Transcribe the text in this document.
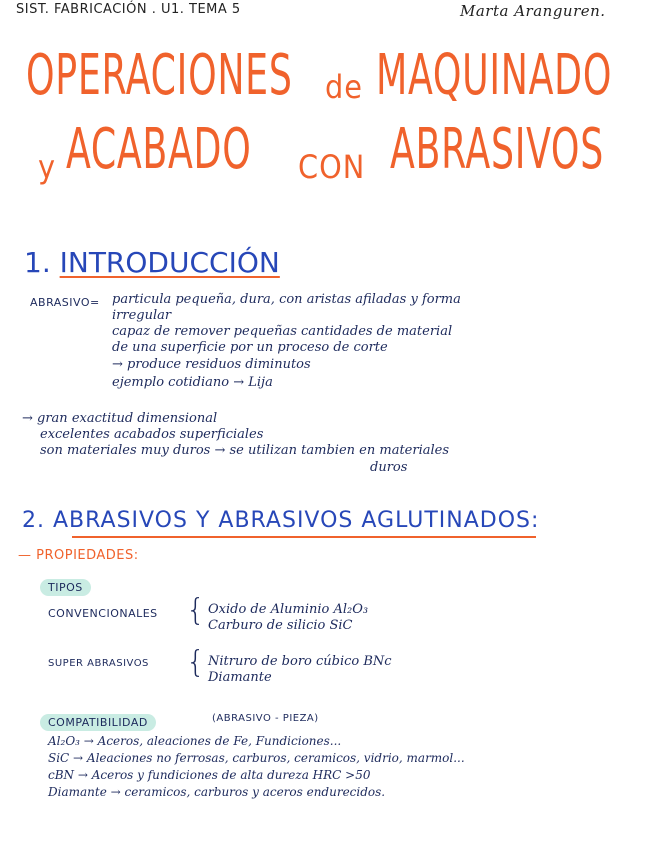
SIST. FABRICACIÓN . U1. TEMA 5	Marta Aranguren.
OPERACIONES	de MAQUINADO
y ACABADO	CON ABRASIVOS
1. INTRODUCCIÓN
ABRASIVO= particula pequeña, dura, con aristas afiladas y forma
irregular
capaz de remover pequeñas cantidades de material
de una superficie por un proceso de corte
→ produce residuos diminutos
ejemplo cotidiano → Lija
→ gran exactitud dimensional
excelentes acabados superficiales
son materiales muy duros → se utilizan tambien en materiales
duros
2. ABRASIVOS Y ABRASIVOS AGLUTINADOS:
— PROPIEDADES:
TIPOS
CONVENCIONALES { Oxido de Aluminio Al₂O₃
Carburo de silicio SiC
SUPER ABRASIVOS { Nitruro de boro cúbico BNc
Diamante
COMPATIBILIDAD	(ABRASIVO - PIEZA)
Al₂O₃ → Aceros, aleaciones de Fe, Fundiciones...
SiC → Aleaciones no ferrosas, carburos, ceramicos, vidrio, marmol...
cBN → Aceros y fundiciones de alta dureza HRC >50
Diamante → ceramicos, carburos y aceros endurecidos.
